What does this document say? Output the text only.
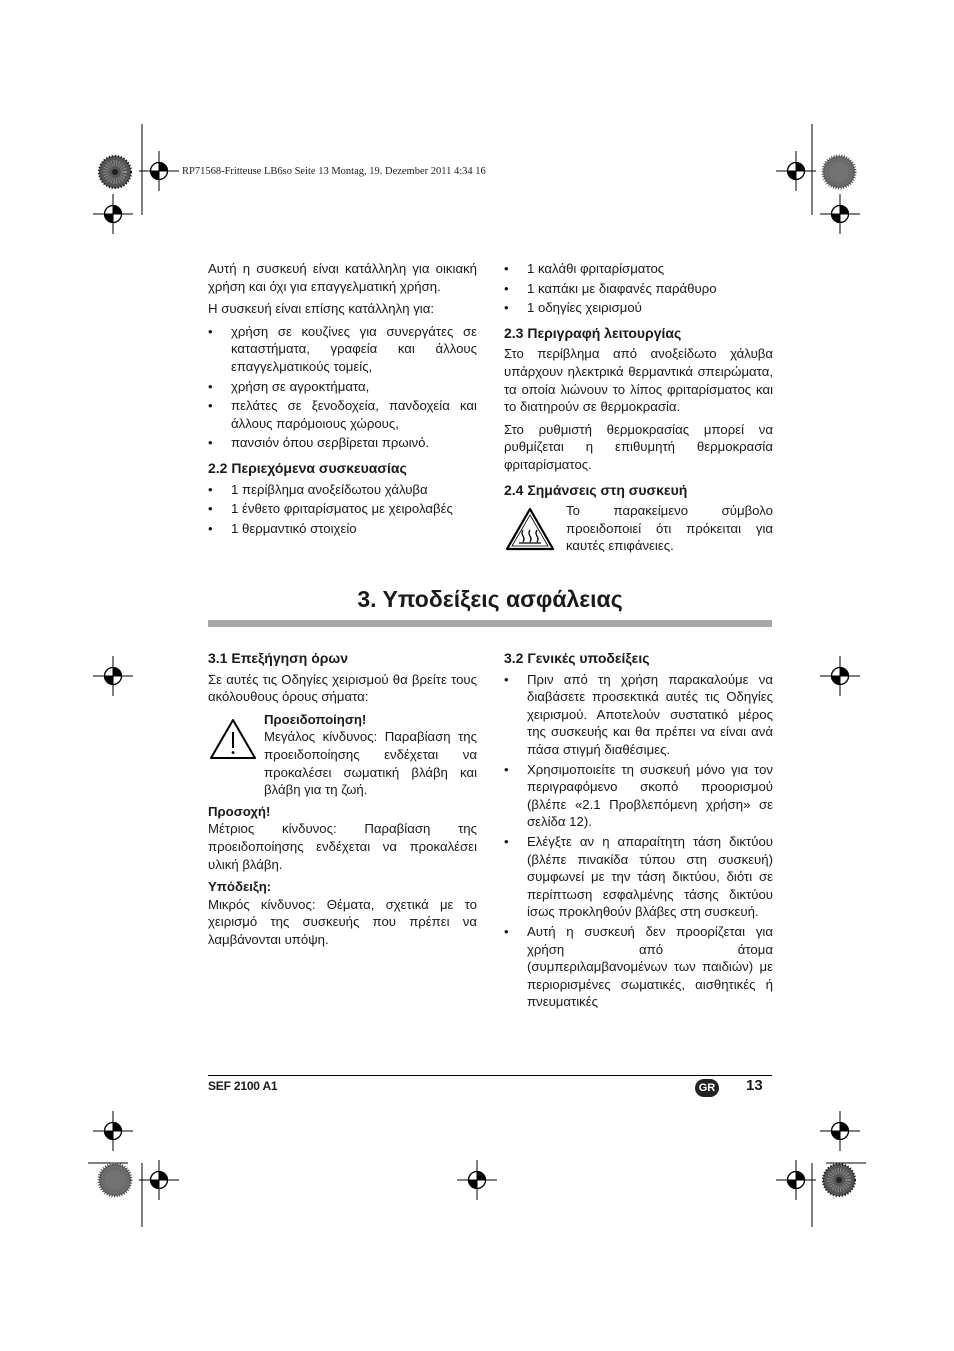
RP71568-Fritteuse LB6so Seite 13 Montag, 19. Dezember 2011 4:34 16

Αυτή η συσκευή είναι κατάλληλη για οικιακή χρήση και όχι για επαγγελματική χρήση.

Η συσκευή είναι επίσης κατάλληλη για:

• χρήση σε κουζίνες για συνεργάτες σε καταστήματα, γραφεία και άλλους επαγγελματικούς τομείς,
• χρήση σε αγροκτήματα,
• πελάτες σε ξενοδοχεία, πανδοχεία και άλλους παρόμοιους χώρους,
• πανσιόν όπου σερβίρεται πρωινό.
2.2 Περιεχόμενα συσκευασίας
• 1 περίβλημα ανοξείδωτου χάλυβα
• 1 ένθετο φριταρίσματος με χειρολαβές
• 1 θερμαντικό στοιχείο
• 1 καλάθι φριταρίσματος
• 1 καπάκι με διαφανές παράθυρο
• 1 οδηγίες χειρισμού
2.3 Περιγραφή λειτουργίας

Στο περίβλημα από ανοξείδωτο χάλυβα υπάρχουν ηλεκτρικά θερμαντικά σπειρώματα, τα οποία λιώνουν το λίπος φριταρίσματος και το διατηρούν σε θερμοκρασία.

Στο ρυθμιστή θερμοκρασίας μπορεί να ρυθμίζεται η επιθυμητή θερμοκρασία φριταρίσματος.

2.4 Σημάνσεις στη συσκευή
Το παρακείμενο σύμβολο προειδοποιεί ότι πρόκειται για καυτές επιφάνειες.
3. Υποδείξεις ασφάλειας
3.1 Επεξήγηση όρων

Σε αυτές τις Οδηγίες χειρισμού θα βρείτε τους ακόλουθους όρους σήματα:

Προειδοποίηση!
Μεγάλος κίνδυνος: Παραβίαση της προειδοποίησης ενδέχεται να προκαλέσει σωματική βλάβη και βλάβη για τη ζωή.
Προσοχή!

Μέτριος κίνδυνος: Παραβίαση της προειδοποίησης ενδέχεται να προκαλέσει υλική βλάβη.

Υπόδειξη:

Μικρός κίνδυνος: Θέματα, σχετικά με το χειρισμό της συσκευής που πρέπει να λαμβάνονται υπόψη.

3.2 Γενικές υποδείξεις
• Πριν από τη χρήση παρακαλούμε να διαβάσετε προσεκτικά αυτές τις Οδηγίες χειρισμού. Αποτελούν συστατικό μέρος της συσκευής και θα πρέπει να είναι ανά πάσα στιγμή διαθέσιμες.
• Χρησιμοποιείτε τη συσκευή μόνο για τον περιγραφόμενο σκοπό προορισμού (βλέπε «2.1 Προβλεπόμενη χρήση» σε σελίδα 12).
• Ελέγξτε αν η απαραίτητη τάση δικτύου (βλέπε πινακίδα τύπου στη συσκευή) συμφωνεί με την τάση δικτύου, διότι σε περίπτωση εσφαλμένης τάσης δικτύου ίσως προκληθούν βλάβες στη συσκευή.
• Αυτή η συσκευή δεν προορίζεται για χρήση από άτομα (συμπεριλαμβανομένων των παιδιών) με περιορισμένες σωματικές, αισθητικές ή πνευματικές
SEF 2100 A1	GR 13
